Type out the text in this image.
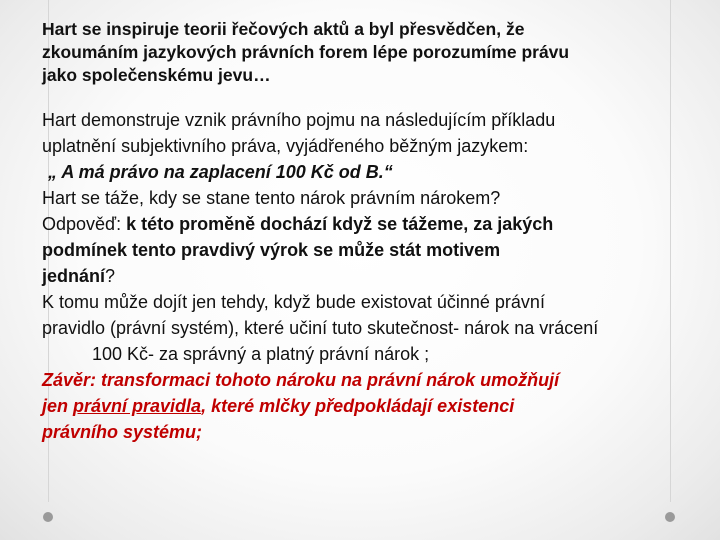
Hart se inspiruje teorii řečových aktů a byl přesvědčen, že
zkoumáním jazykových právních forem lépe porozumíme právu
jako společenskému jevu…
Hart demonstruje vznik právního pojmu na následujícím příkladu
uplatnění subjektivního práva, vyjádřeného běžným jazykem:
„ A má právo na zaplacení 100 Kč od B.“
Hart se táže, kdy se stane tento nárok právním nárokem?
Odpověď: k této proměně dochází když se tážeme, za jakých
podmínek tento pravdivý výrok se může stát motivem
jednání?
K tomu může dojít jen tehdy, když bude existovat účinné právní
pravidlo (právní systém), které učiní tuto skutečnost- nárok na vrácení
100 Kč- za správný a platný právní nárok ;
Závěr: transformaci tohoto nároku na právní nárok umožňují
jen právní pravidla, které mlčky předpokládají existenci
právního systému;
